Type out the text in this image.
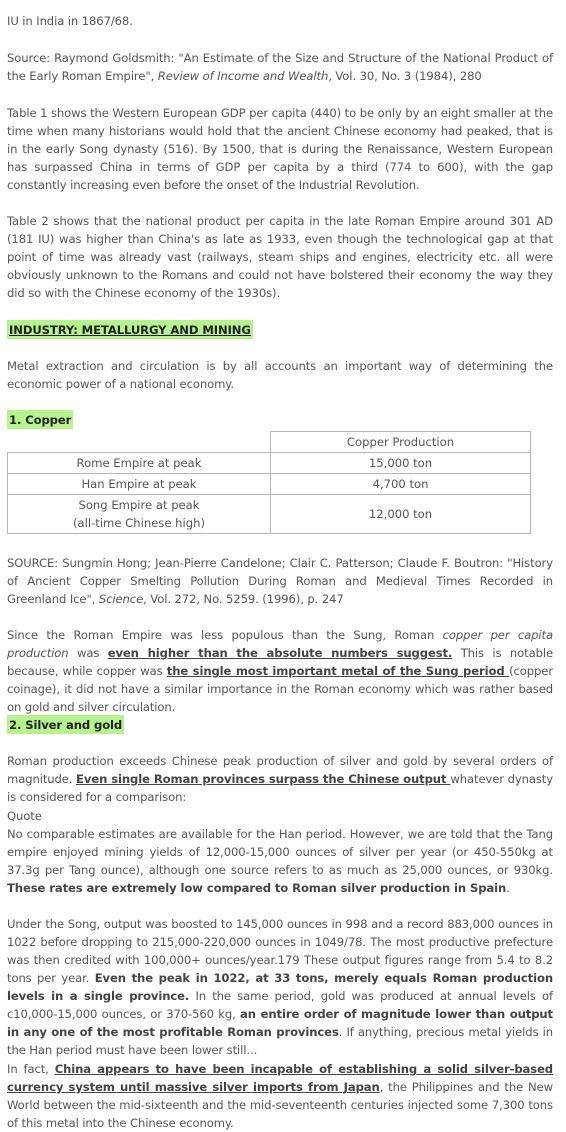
IU in India in 1867/68.
Source: Raymond Goldsmith: "An Estimate of the Size and Structure of the National Product of the Early Roman Empire", Review of Income and Wealth, Vol. 30, No. 3 (1984), 280
Table 1 shows the Western European GDP per capita (440) to be only by an eight smaller at the time when many historians would hold that the ancient Chinese economy had peaked, that is in the early Song dynasty (516). By 1500, that is during the Renaissance, Western European has surpassed China in terms of GDP per capita by a third (774 to 600), with the gap constantly increasing even before the onset of the Industrial Revolution.
Table 2 shows that the national product per capita in the late Roman Empire around 301 AD (181 IU) was higher than China's as late as 1933, even though the technological gap at that point of time was already vast (railways, steam ships and engines, electricity etc. all were obviously unknown to the Romans and could not have bolstered their economy the way they did so with the Chinese economy of the 1930s).
INDUSTRY: METALLURGY AND MINING
Metal extraction and circulation is by all accounts an important way of determining the economic power of a national economy.
1. Copper
	Copper Production
Rome Empire at peak	15,000 ton
Han Empire at peak	4,700 ton

Song Empire at peak
(all-time Chinese high)	12,000 ton
SOURCE: Sungmin Hong; Jean-Pierre Candelone; Clair C. Patterson; Claude F. Boutron: "History of Ancient Copper Smelting Pollution During Roman and Medieval Times Recorded in Greenland Ice", Science, Vol. 272, No. 5259. (1996), p. 247
Since the Roman Empire was less populous than the Sung, Roman copper per capita production was even higher than the absolute numbers suggest. This is notable because, while copper was the single most important metal of the Sung period (copper coinage), it did not have a similar importance in the Roman economy which was rather based on gold and silver circulation.
2. Silver and gold
Roman production exceeds Chinese peak production of silver and gold by several orders of magnitude. Even single Roman provinces surpass the Chinese output whatever dynasty is considered for a comparison:
Quote
No comparable estimates are available for the Han period. However, we are told that the Tang empire enjoyed mining yields of 12,000-15,000 ounces of silver per year (or 450-550kg at 37.3g per Tang ounce), although one source refers to as much as 25,000 ounces, or 930kg. These rates are extremely low compared to Roman silver production in Spain.
Under the Song, output was boosted to 145,000 ounces in 998 and a record 883,000 ounces in 1022 before dropping to 215,000-220,000 ounces in 1049/78. The most productive prefecture was then credited with 100,000+ ounces/year.179 These output figures range from 5.4 to 8.2 tons per year. Even the peak in 1022, at 33 tons, merely equals Roman production levels in a single province. In the same period, gold was produced at annual levels of c10,000-15,000 ounces, or 370-560 kg, an entire order of magnitude lower than output in any one of the most profitable Roman provinces. If anything, precious metal yields in the Han period must have been lower still...
In fact, China appears to have been incapable of establishing a solid silver-based currency system until massive silver imports from Japan, the Philippines and the New World between the mid-sixteenth and the mid-seventeenth centuries injected some 7,300 tons of this metal into the Chinese economy.
